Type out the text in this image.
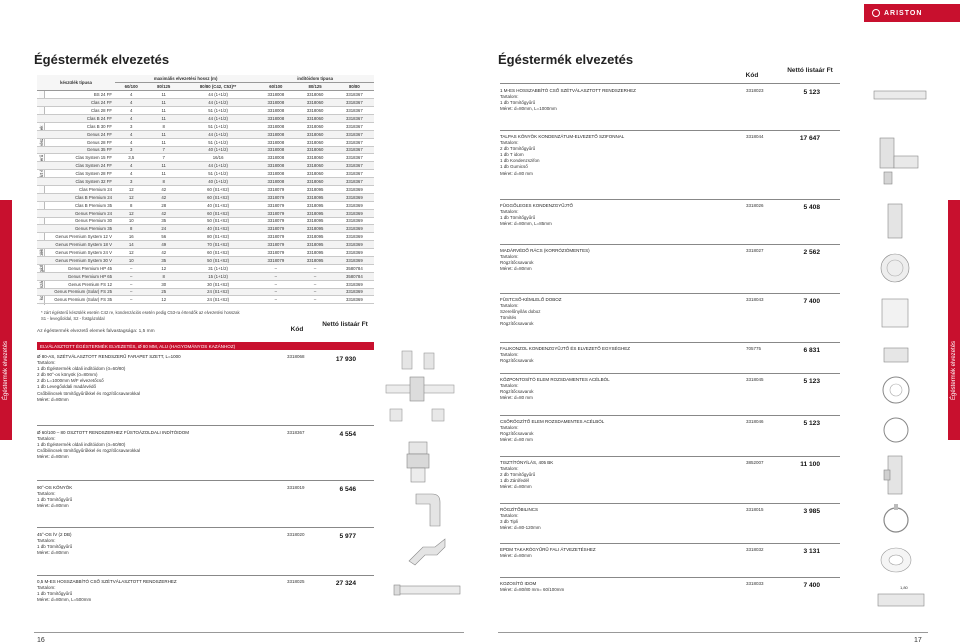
ARISTON
Égéstermék elvezetés
Égéstermék elvezetés
készülék típusa	maximális elvezetési hossz (m)			indítóidom típusa		
	60/100	80/125	80/80 (C42, C53)**	60/100	80/125	80/80
BS 24 FF	4	11	44 (1+1/2)	3318008	3318060	3318367
Clas 24 FF	4	11	44 (1+1/2)	3318008	3318060	3318367
Clas 28 FF	4	11	51 (1+1/2)	3318008	3318060	3318367
Clas B 24 FF	4	11	44 (1+1/2)	3318008	3318060	3318367
Clas B 30 FF	3	8	51 (1+1/2)	3318008	3318060	3318367
Genus 24 FF	4	11	44 (1+1/2)	3318008	3318060	3318367
Genus 28 FF	4	11	51 (1+1/2)	3318008	3318060	3318367
Genus 35 FF	3	7	40 (1+1/2)	3318008	3318060	3318367
Clas System 15 FF	3,5	7	16/16	3318008	3318060	3318367
Clas System 24 FF	4	11	44 (1+1/2)	3318008	3318060	3318367
Clas System 28 FF	4	11	51 (1+1/2)	3318008	3318060	3318367
Clas System 32 FF	3	8	40 (1+1/2)	3318008	3318060	3318367
Clas Premium 24	12	42	60 (S1+S2)	3318079	3318095	3318369
Clas B Premium 24	12	42	60 (S1+S2)	3318079	3318095	3318369
Clas B Premium 35	8	28	40 (S1+S2)	3318079	3318095	3318369
Genus Premium 24	12	42	60 (S1+S2)	3318079	3318095	3318369
Genus Premium 30	10	35	50 (S1+S2)	3318079	3318095	3318369
Genus Premium 35	8	24	40 (S1+S2)	3318079	3318095	3318369
Genus Premium System 12 V	16	56	80 (S1+S2)	3318079	3318095	3318369
Genus Premium System 18 V	14	49	70 (S1+S2)	3318079	3318095	3318369
Genus Premium System 24 V	12	42	60 (S1+S2)	3318079	3318095	3318369
Genus Premium System 30 V	10	35	50 (S1+S2)	3318079	3318095	3318369
Genus Premium HP 45	–	12	31 (1+1/2)	–	–	3580784
Genus Premium HP 65	–	8	15 (1+1/2)	–	–	3580784
Genus Premium FS 12	–	30	30 (S1+S2)	–	–	3318369
Genus Premium (Solar) FS 25	–	25	24 (S1+S2)	–	–	3318369
Genus Premium (Solar) FS 35	–	12	24 (S1+S2)	–	–	3318369
* zárt égésterű készülék esetén C42 re, kondenzációs esetén pedig C53-ra értendők az elvezetési hosszak
S1 - levegőoldal, S2 - füstgázoldal
Az égéstermék elvezető elemek falvastagsága: 1,5 mm	Kód
Nettó listaár Ft
ELVÁLASZTOTT ÉGÉSTERMÉK ELVEZETÉS, Ø 80 MM, ALU (HAGYOMÁNYOS KAZÁNHOZ)
Ø 80-AS, SZÉTVÁLASZTOTT RENDSZERŰ FARAPET SZETT, L=1000
Tartalom:
1 db Égéstermék oldali indítóidom (ö=60/80)
2 db 90°-os könyök (ö=80mm)
2 db L=1000mm M/F elvezetőcső
1 db Levegőoldali madárvédő
Csőbilincsek tömítőgyűrűkkel és rögzítőcsavarokkal
Méret: d=80mm
3318068	17 930
Ø 60/100 – 80 OSZTOTT RENDSZERHEZ FÜSTOÁZOLDALI INDÍTÓIDOM
Tartalom:
1 db Égéstermék oldali indítóidom (ö=60/80)
Csőbilincsek tömítőgyűrűkkel és rögzítőcsavarokkal
Méret: d=80mm
3318367	4 554
90°-OS KÖNYÖK
Tartalom:
1 db Tömítőgyűrű
Méret: d=80mm
3318019	6 546
45°-OS ÍV (2 DB)
Tartalom:
1 db Tömítőgyűrű
Méret: d=80mm
3318020	5 977
0,5 M-ES HOSSZABBÍTÓ CSŐ SZÉTVÁLASZTOTT RENDSZERHEZ
Tartalom:
1 db Tömítőgyűrű
Méret: d=80mm, L=500mm
3318025	27 324
16
Égéstermék elvezetés
Égéstermék elvezetés
Kód
Nettó listaár Ft
1 M-ES HOSSZABBÍTÓ CSŐ SZÉTVÁLASZTOTT RENDSZERHEZ
Tartalom:
1 db Tömítőgyűrű
Méret: d=80mm, L=1000mm
3318023	5 123
TALPAS KÖNYÖK KONDENZÁTUM-ELVEZETŐ SZIFONNAL
Tartalom:
2 db Tömítőgyűrű
1 db T idom
1 db Kondenzszifon
1 db Gumicső
Méret: d=80 mm
3318044	17 647
FÜGGŐLEGES KONDENZGYŰJTŐ
Tartalom:
1 db Tömítőgyűrű
Méret: d=80mm, L=85mm
3318026	5 408
MADÁRVÉDŐ RÁCS (KORRÓZIÓMENTES)
Tartalom:
Rögzítőcsavarok
Méret: d=80mm
3318027	2 562
FÜSTCSŐ-KÉMLELŐ DOBOZ
Tartalom:
Szerelőnyílás doboz
Tömítés
Rögzítőcsavarok
3318043	7 400
FALIKONZOL KONDENZGYŰJTŐ ÉS ELVEZETŐ EGYSÉGHEZ
Tartalom:
Rögzítőcsavarok
705775	6 831
KÖZPONTOSÍTÓ ELEM ROZSDAMENTES ACÉLBÓL
Tartalom:
Rögzítőcsavarok
Méret: d=80 mm
3318045	5 123
CSŐRÖGZÍTŐ ELEM ROZSDAMENTES ACÉLBÓL
Tartalom:
Rögzítőcsavarok
Méret: d=80 mm
3318046	5 123
TISZTÍTÓNYÍLÁS, 405 BK
Tartalom:
2 db Tömítőgyűrű
1 db Zárófedél
Méret: d=80mm
3852007	11 100
RÖGZÍTŐBILINCS
Tartalom:
3 db Tipli
Méret: d=80-120mm
3318015	3 985
EPDM TAKARÓGYŰRŰ FALI ÁTVEZETÉSHEZ
Méret: d=80mm
3318032	3 131
KOZOSÍTÓ IDOM
Méret: d=80/80 mm= 60/100mm
3318033	7 400	1,80
17
